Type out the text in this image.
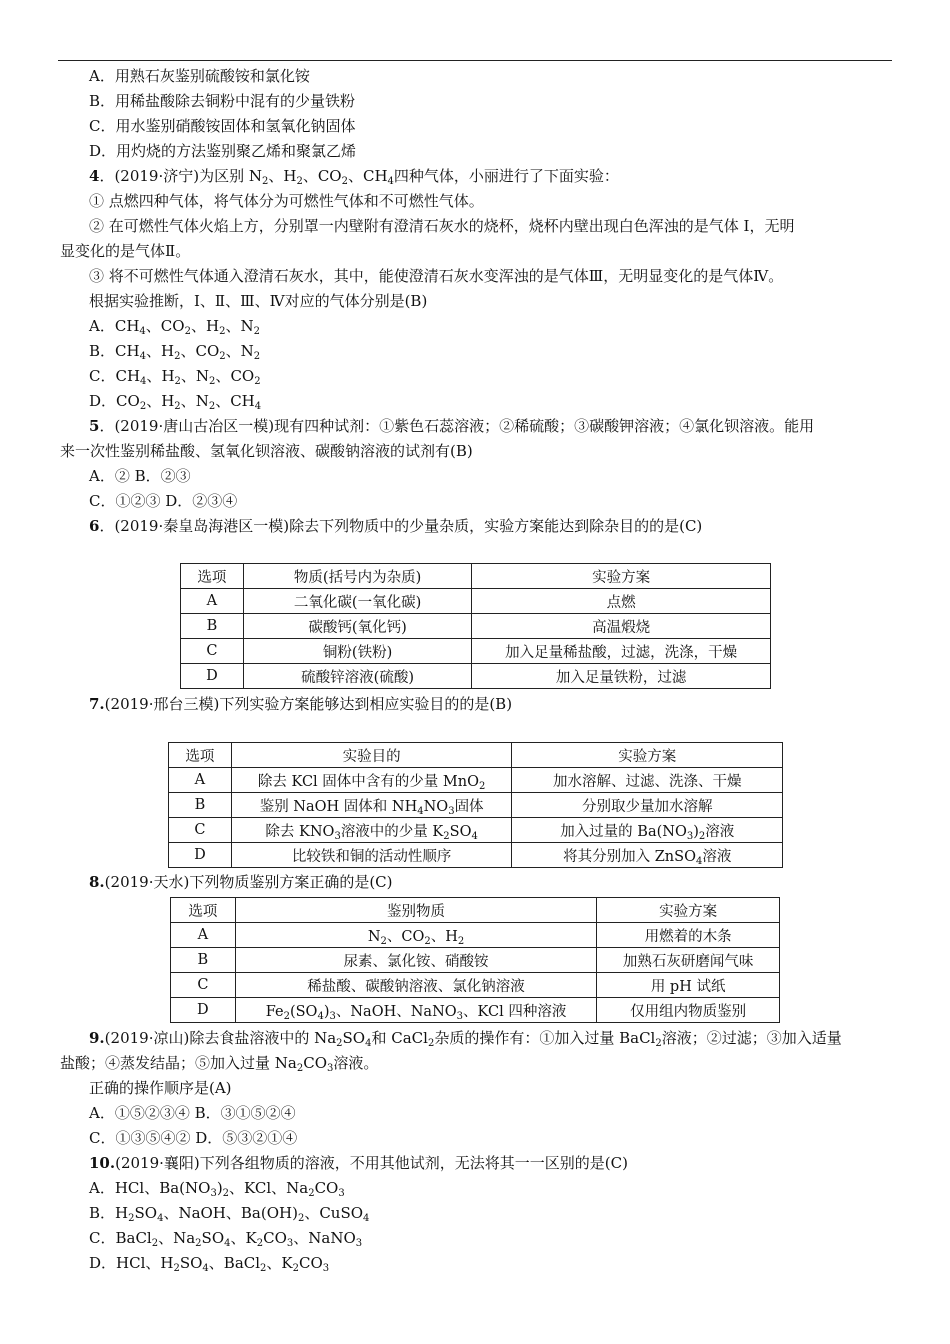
A．用熟石灰鉴别硫酸铵和氯化铵
B．用稀盐酸除去铜粉中混有的少量铁粉
C．用水鉴别硝酸铵固体和氢氧化钠固体
D．用灼烧的方法鉴别聚乙烯和聚氯乙烯
4．(2019·济宁)为区别 $N_2$、$H_2$、$CO_2$、$CH_4$四种气体，小丽进行了下面实验：
① 点燃四种气体，将气体分为可燃性气体和不可燃性气体。
② 在可燃性气体火焰上方，分别罩一内壁附有澄清石灰水的烧杯，烧杯内壁出现白色浑浊的是气体 Ⅰ，无明
显变化的是气体Ⅱ。
③ 将不可燃性气体通入澄清石灰水，其中，能使澄清石灰水变浑浊的是气体Ⅲ，无明显变化的是气体Ⅳ。
根据实验推断，Ⅰ、Ⅱ、Ⅲ、Ⅳ对应的气体分别是(B)
A．$CH_4$、$CO_2$、$H_2$、$N_2$
B．$CH_4$、$H_2$、$CO_2$、$N_2$
C．$CH_4$、$H_2$、$N_2$、$CO_2$
D．$CO_2$、$H_2$、$N_2$、$CH_4$
5．(2019·唐山古冶区一模)现有四种试剂：①紫色石蕊溶液；②稀硫酸；③碳酸钾溶液；④氯化钡溶液。能用
来一次性鉴别稀盐酸、氢氧化钡溶液、碳酸钠溶液的试剂有(B)
A．② B．②③
C．①②③ D．②③④
6．(2019·秦皇岛海港区一模)除去下列物质中的少量杂质，实验方案能达到除杂目的的是(C)
选项	物质(括号内为杂质)	实验方案
A	二氧化碳(一氧化碳)	点燃
B	碳酸钙(氧化钙)	高温煅烧
C	铜粉(铁粉)	加入足量稀盐酸，过滤，洗涤，干燥
D	硫酸锌溶液(硫酸)	加入足量铁粉，过滤
7.(2019·邢台三模)下列实验方案能够达到相应实验目的的是(B)
选项	实验目的	实验方案
A	除去 KCl 固体中含有的少量 MnO$_2$	加水溶解、过滤、洗涤、干燥
B	鉴别 NaOH 固体和 $NH_4NO_3$固体	分别取少量加水溶解
C	除去 $KNO_3$溶液中的少量 $K_2SO_4$	加入过量的 $Ba(NO_3)_2$溶液
D	比较铁和铜的活动性顺序	将其分别加入 ZnSO$_4$溶液
8.(2019·天水)下列物质鉴别方案正确的是(C)
选项	鉴别物质	实验方案
A	$N_2$、$CO_2$、$H_2$	用燃着的木条
B	尿素、氯化铵、硝酸铵	加熟石灰研磨闻气味
C	稀盐酸、碳酸钠溶液、氯化钠溶液	用 pH 试纸
D	$Fe_2(SO_4)_3$、NaOH、NaNO$_3$、KCl 四种溶液	仅用组内物质鉴别
9.(2019·凉山)除去食盐溶液中的 $Na_2SO_4$和 CaCl$_2$杂质的操作有：①加入过量 BaCl$_2$溶液；②过滤；③加入适量
盐酸；④蒸发结晶；⑤加入过量 $Na_2CO_3$溶液。
正确的操作顺序是(A)
A．①⑤②③④ B．③①⑤②④
C．①③⑤④② D．⑤③②①④
10.(2019·襄阳)下列各组物质的溶液，不用其他试剂，无法将其一一区别的是(C)
A．HCl、$Ba(NO_3)_2$、KCl、$Na_2CO_3$
B．$H_2SO_4$、NaOH、$Ba(OH)_2$、CuSO$_4$
C．BaCl$_2$、$Na_2SO_4$、$K_2CO_3$、NaNO$_3$
D．HCl、$H_2SO_4$、BaCl$_2$、$K_2CO_3$
